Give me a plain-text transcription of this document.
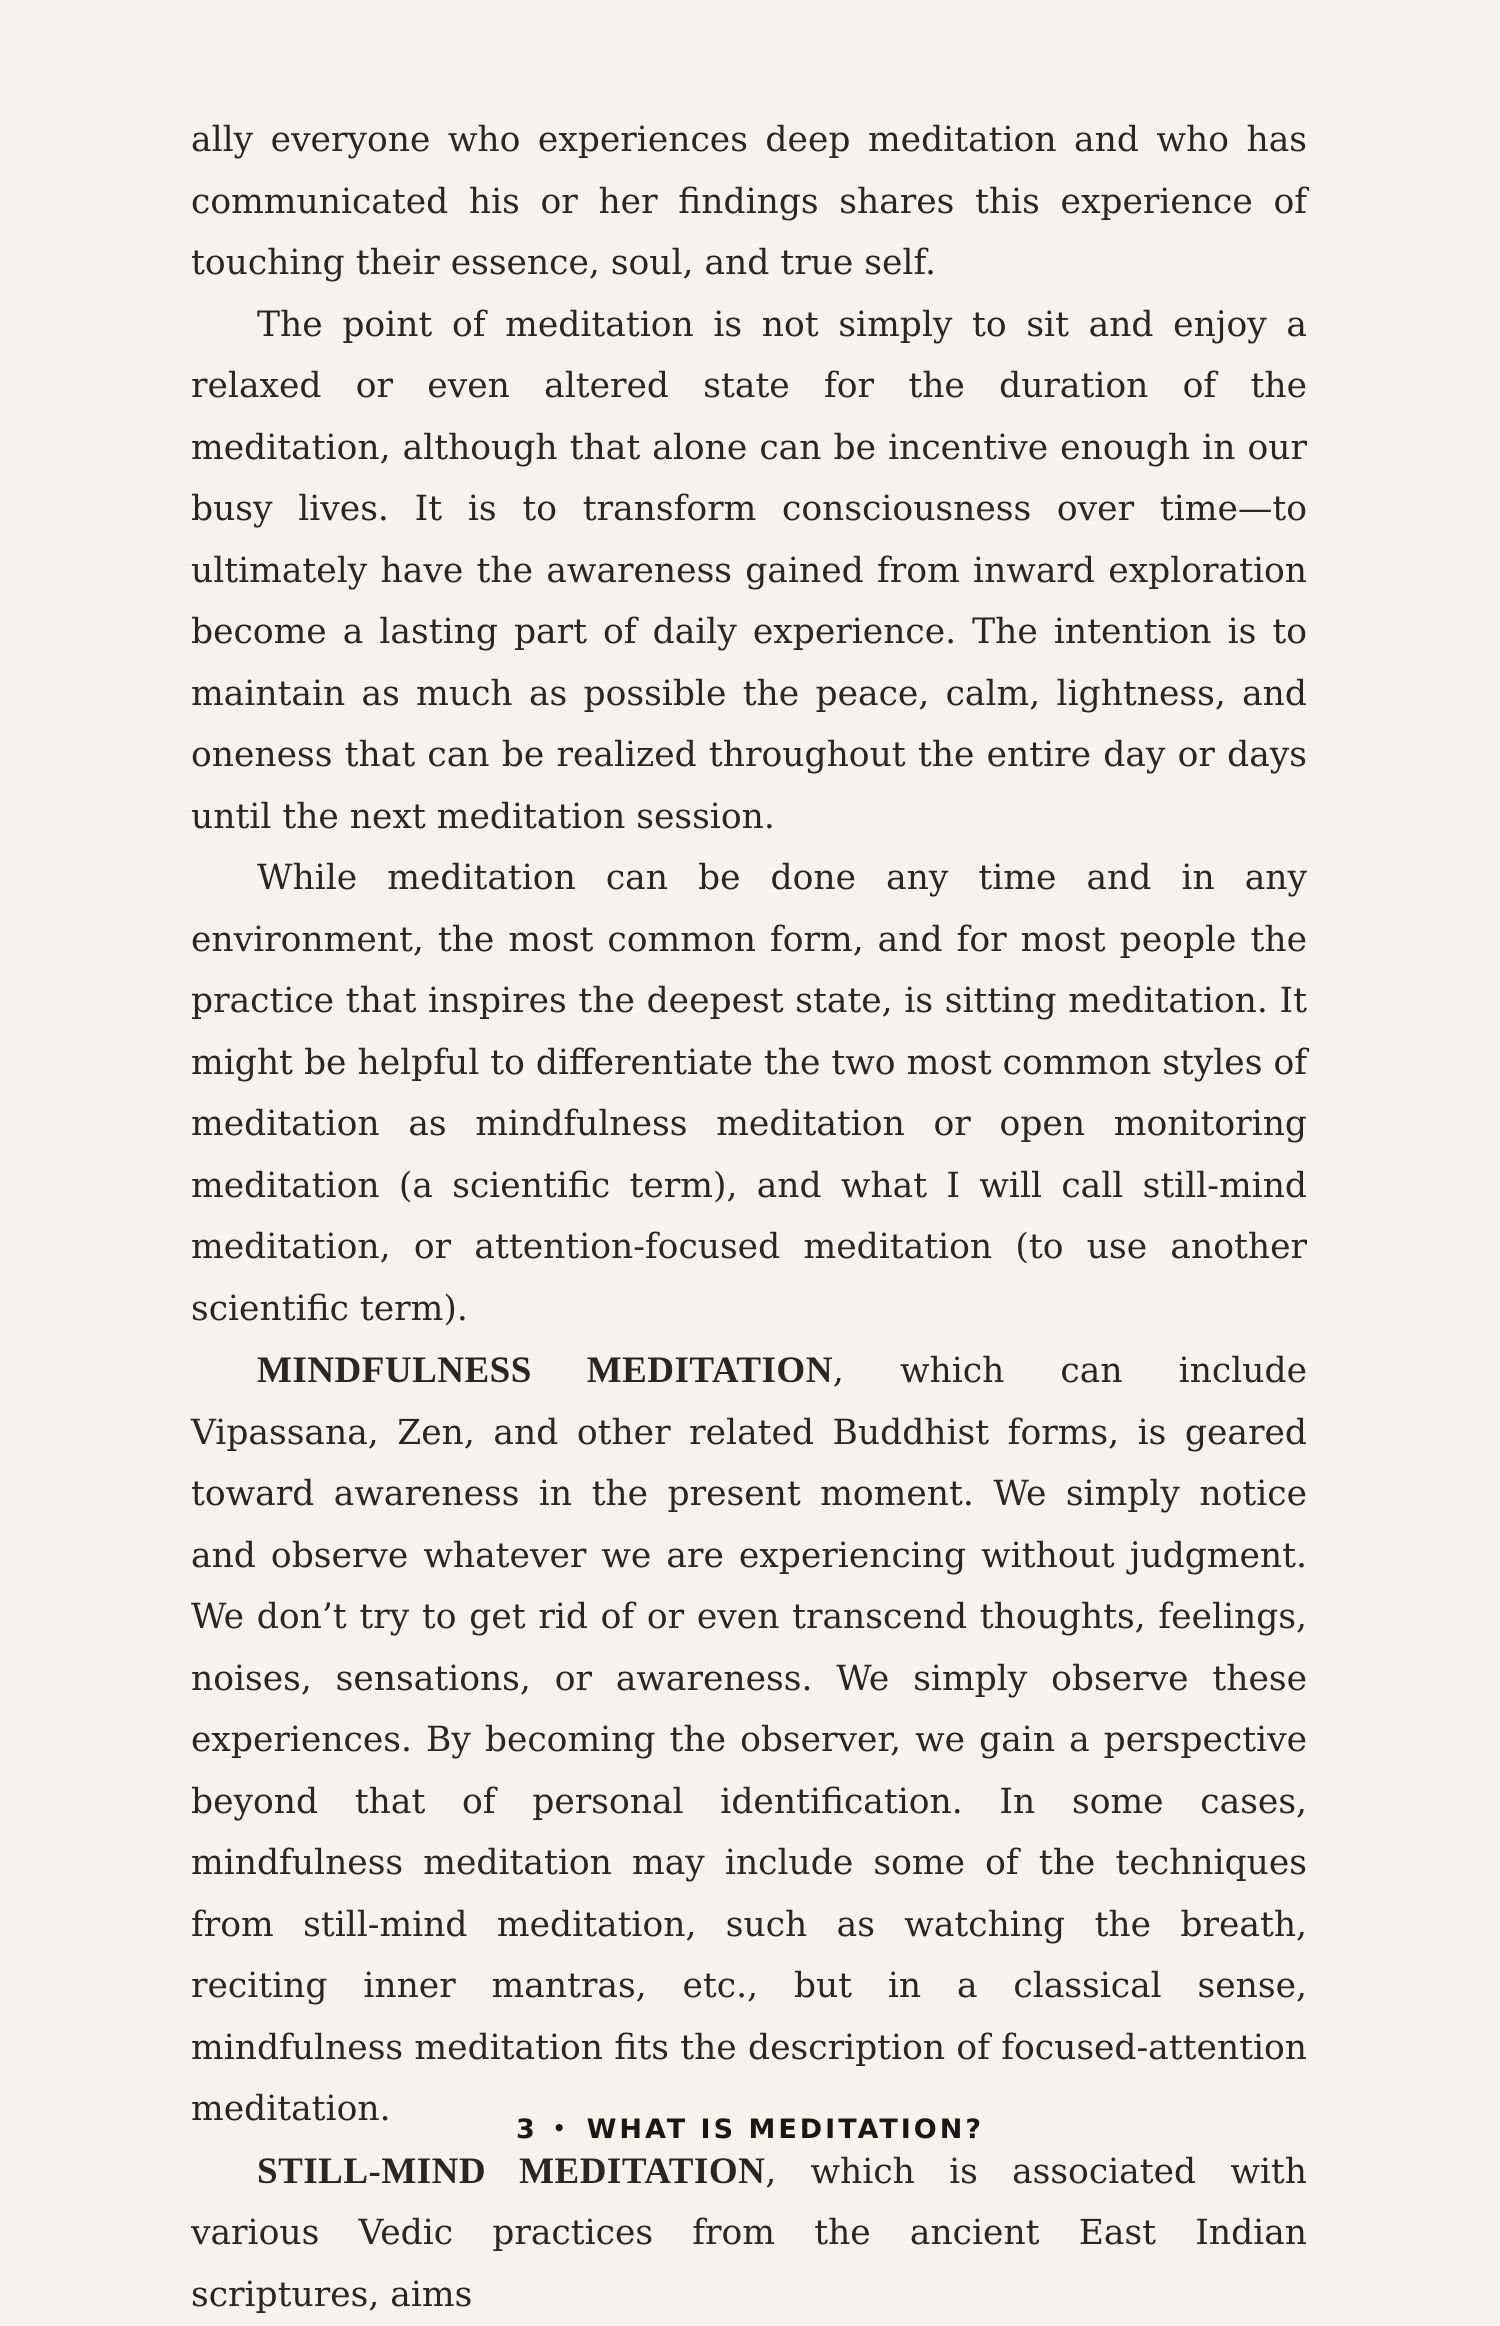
ally everyone who experiences deep meditation and who has communicated his or her findings shares this experience of touching their essence, soul, and true self.

The point of meditation is not simply to sit and enjoy a relaxed or even altered state for the duration of the meditation, although that alone can be incentive enough in our busy lives. It is to transform consciousness over time—to ultimately have the awareness gained from inward exploration become a lasting part of daily experience. The intention is to maintain as much as possible the peace, calm, lightness, and oneness that can be realized throughout the entire day or days until the next meditation session.

While meditation can be done any time and in any environment, the most common form, and for most people the practice that inspires the deepest state, is sitting meditation. It might be helpful to differentiate the two most common styles of meditation as mindfulness meditation or open monitoring meditation (a scientific term), and what I will call still-mind meditation, or attention-focused meditation (to use another scientific term).

MINDFULNESS MEDITATION, which can include Vipassana, Zen, and other related Buddhist forms, is geared toward awareness in the present moment. We simply notice and observe whatever we are experiencing without judgment. We don’t try to get rid of or even transcend thoughts, feelings, noises, sensations, or awareness. We simply observe these experiences. By becoming the observer, we gain a perspective beyond that of personal identification. In some cases, mindfulness meditation may include some of the techniques from still-mind meditation, such as watching the breath, reciting inner mantras, etc., but in a classical sense, mindfulness meditation fits the description of focused-attention meditation.

STILL-MIND MEDITATION, which is associated with various Vedic practices from the ancient East Indian scriptures, aims

3 • WHAT IS MEDITATION?
